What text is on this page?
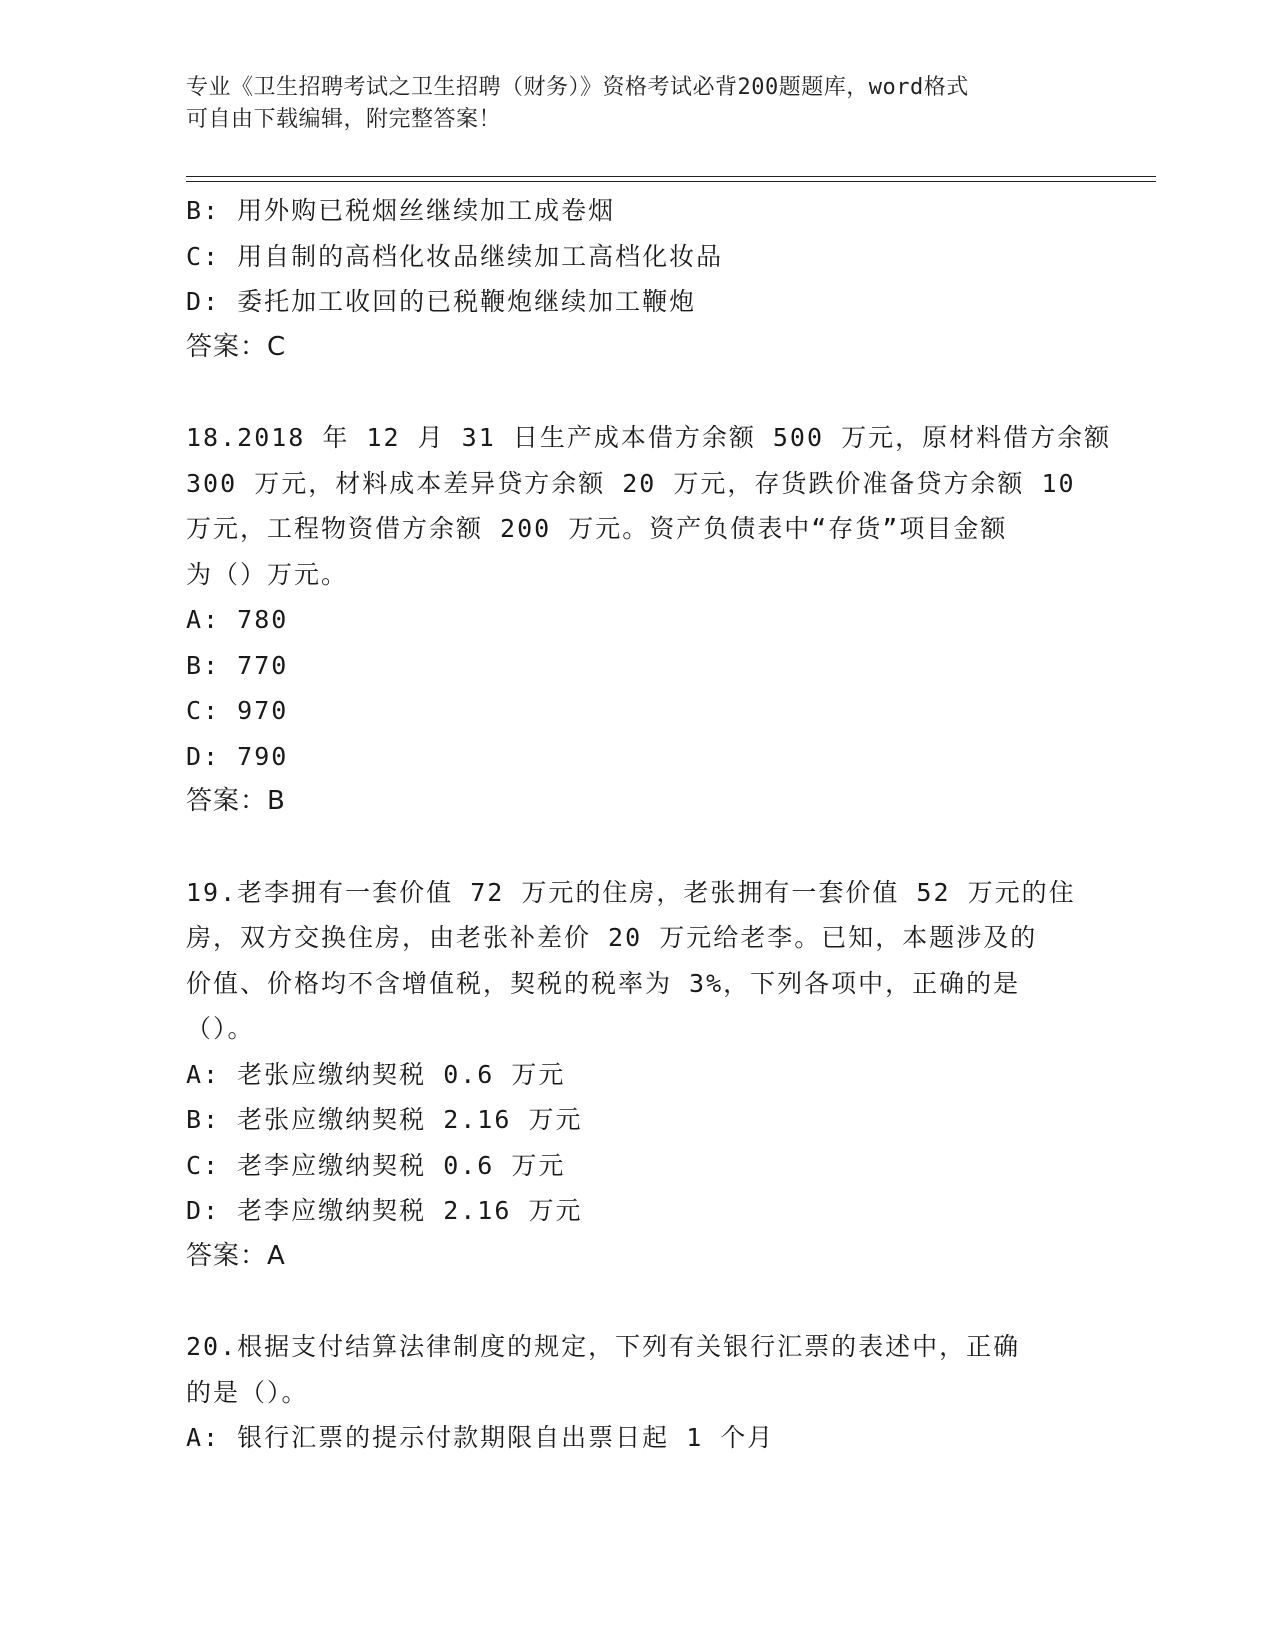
专业《卫生招聘考试之卫生招聘（财务）》资格考试必背200题题库，word格式
可自由下载编辑，附完整答案！
B: 用外购已税烟丝继续加工成卷烟
C: 用自制的高档化妆品继续加工高档化妆品
D: 委托加工收回的已税鞭炮继续加工鞭炮
答案：C
18.2018 年 12 月 31 日生产成本借方余额 500 万元，原材料借方余额
300 万元，材料成本差异贷方余额 20 万元，存货跌价准备贷方余额 10
万元，工程物资借方余额 200 万元。资产负债表中“存货”项目金额
为（）万元。
A: 780
B: 770
C: 970
D: 790
答案：B
19.老李拥有一套价值 72 万元的住房，老张拥有一套价值 52 万元的住
房，双方交换住房，由老张补差价 20 万元给老李。已知，本题涉及的
价值、价格均不含增值税，契税的税率为 3%，下列各项中，正确的是
（）。
A: 老张应缴纳契税 0.6 万元
B: 老张应缴纳契税 2.16 万元
C: 老李应缴纳契税 0.6 万元
D: 老李应缴纳契税 2.16 万元
答案：A
20.根据支付结算法律制度的规定，下列有关银行汇票的表述中，正确
的是（）。
A: 银行汇票的提示付款期限自出票日起 1 个月
